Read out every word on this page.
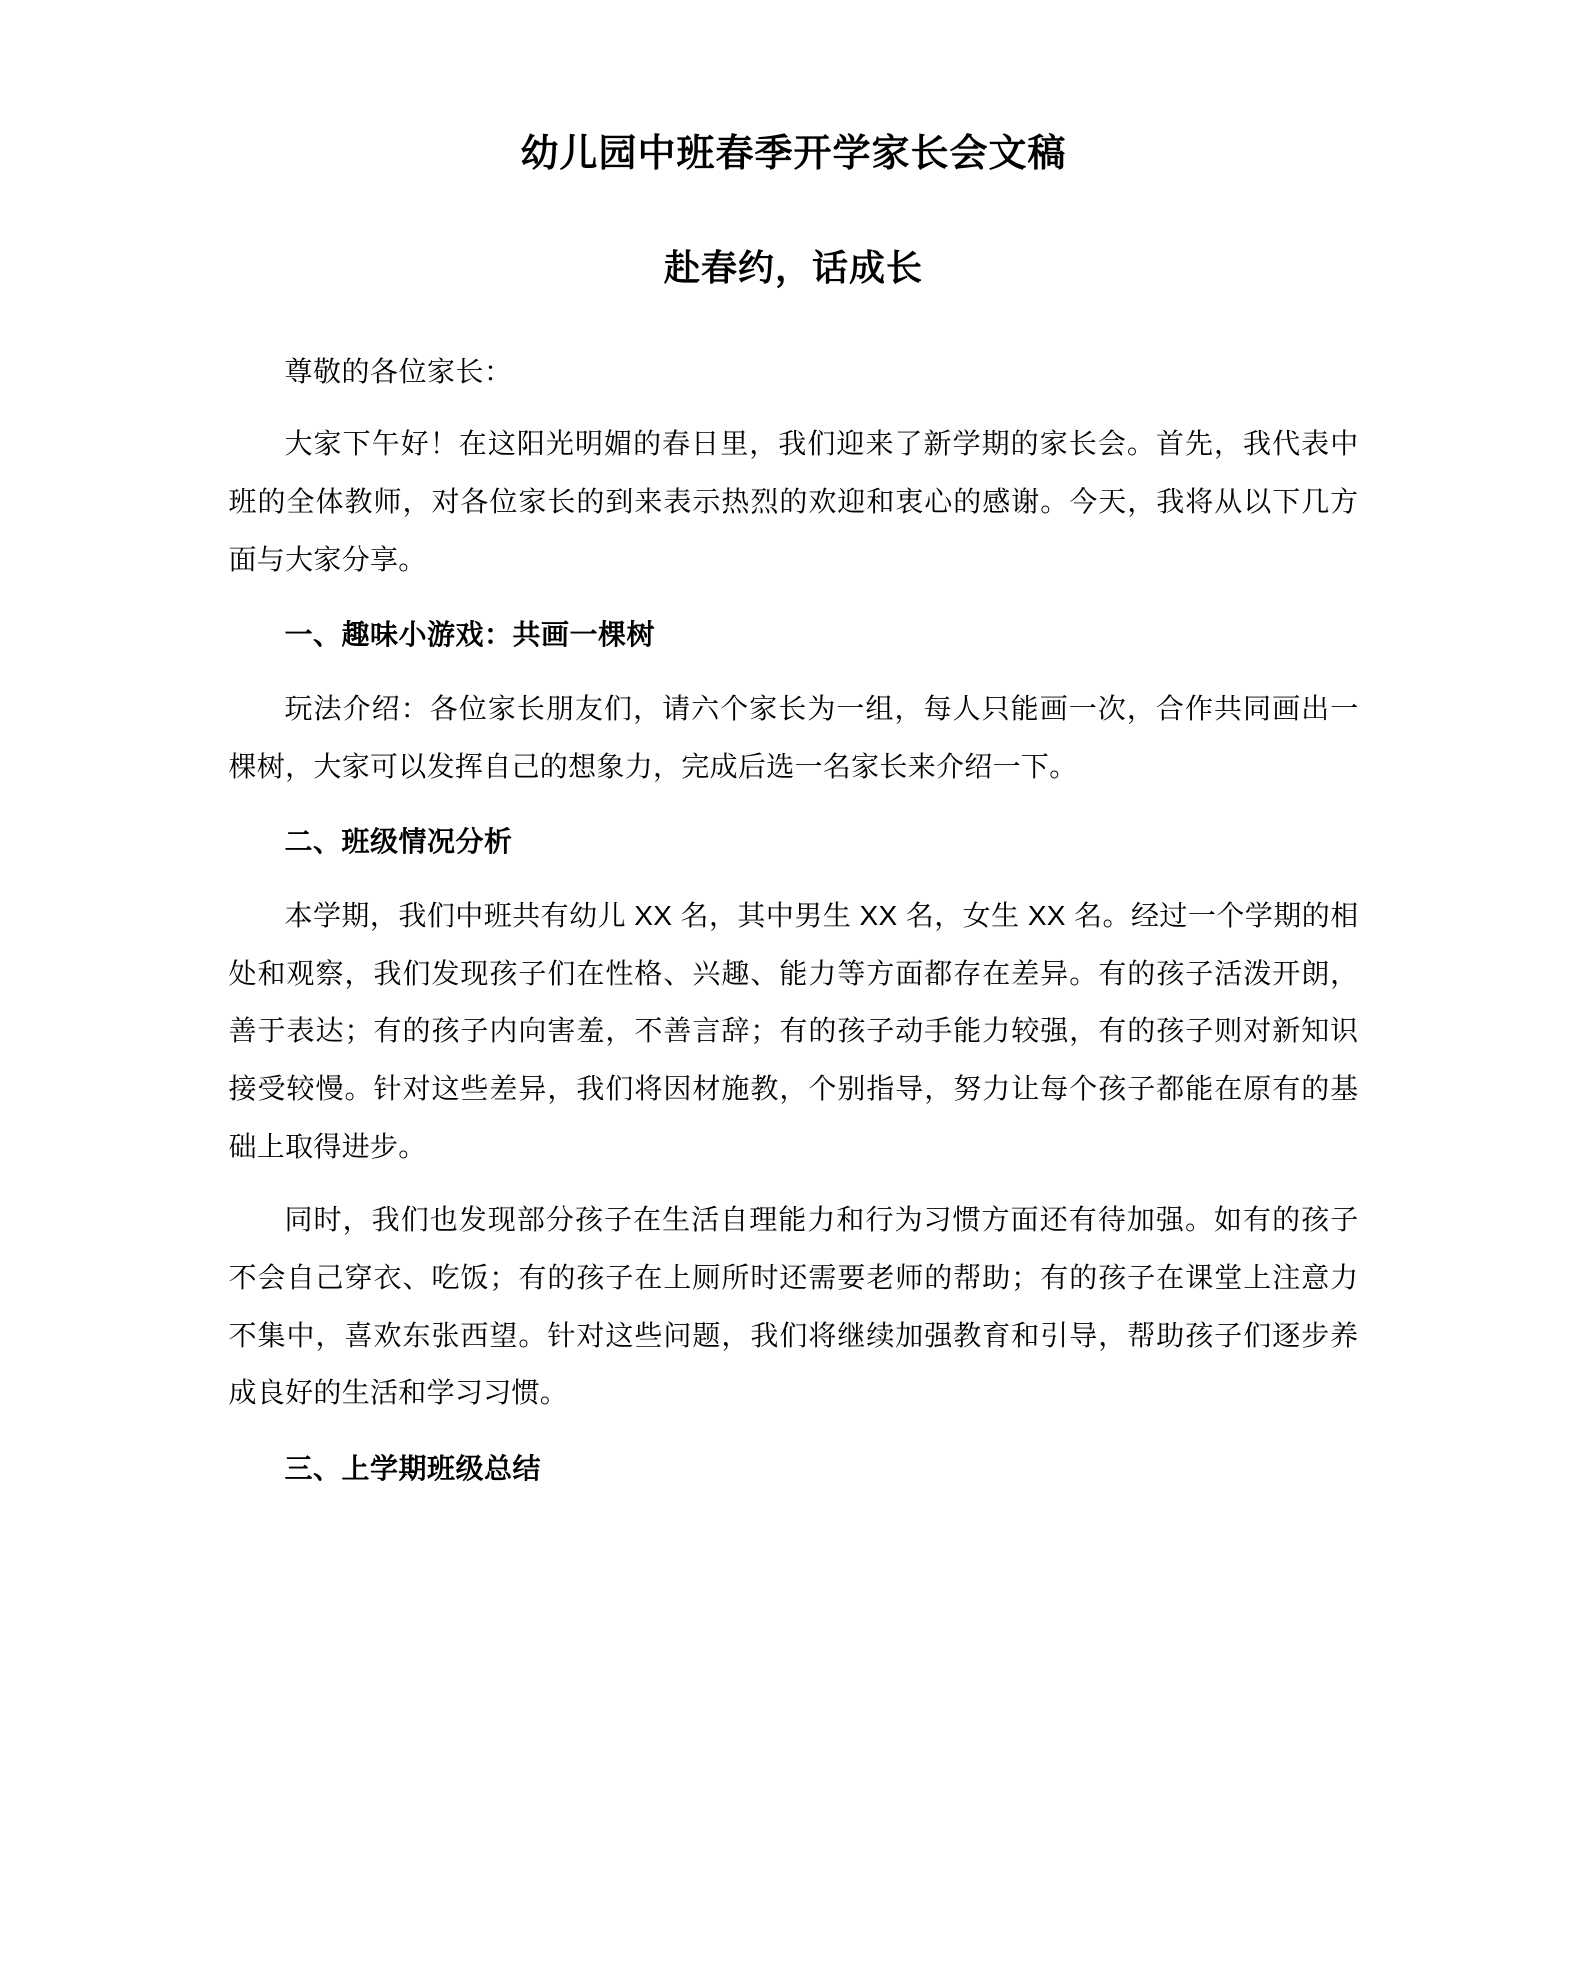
幼儿园中班春季开学家长会文稿
赴春约，话成长

尊敬的各位家长：

大家下午好！在这阳光明媚的春日里，我们迎来了新学期的家长会。首先，我代表中班的全体教师，对各位家长的到来表示热烈的欢迎和衷心的感谢。今天，我将从以下几方面与大家分享。

一、趣味小游戏：共画一棵树

玩法介绍：各位家长朋友们，请六个家长为一组，每人只能画一次，合作共同画出一棵树，大家可以发挥自己的想象力，完成后选一名家长来介绍一下。

二、班级情况分析

本学期，我们中班共有幼儿 XX 名，其中男生 XX 名，女生 XX 名。经过一个学期的相处和观察，我们发现孩子们在性格、兴趣、能力等方面都存在差异。有的孩子活泼开朗，善于表达；有的孩子内向害羞，不善言辞；有的孩子动手能力较强，有的孩子则对新知识接受较慢。针对这些差异，我们将因材施教，个别指导，努力让每个孩子都能在原有的基础上取得进步。

同时，我们也发现部分孩子在生活自理能力和行为习惯方面还有待加强。如有的孩子不会自己穿衣、吃饭；有的孩子在上厕所时还需要老师的帮助；有的孩子在课堂上注意力不集中，喜欢东张西望。针对这些问题，我们将继续加强教育和引导，帮助孩子们逐步养成良好的生活和学习习惯。

三、上学期班级总结
